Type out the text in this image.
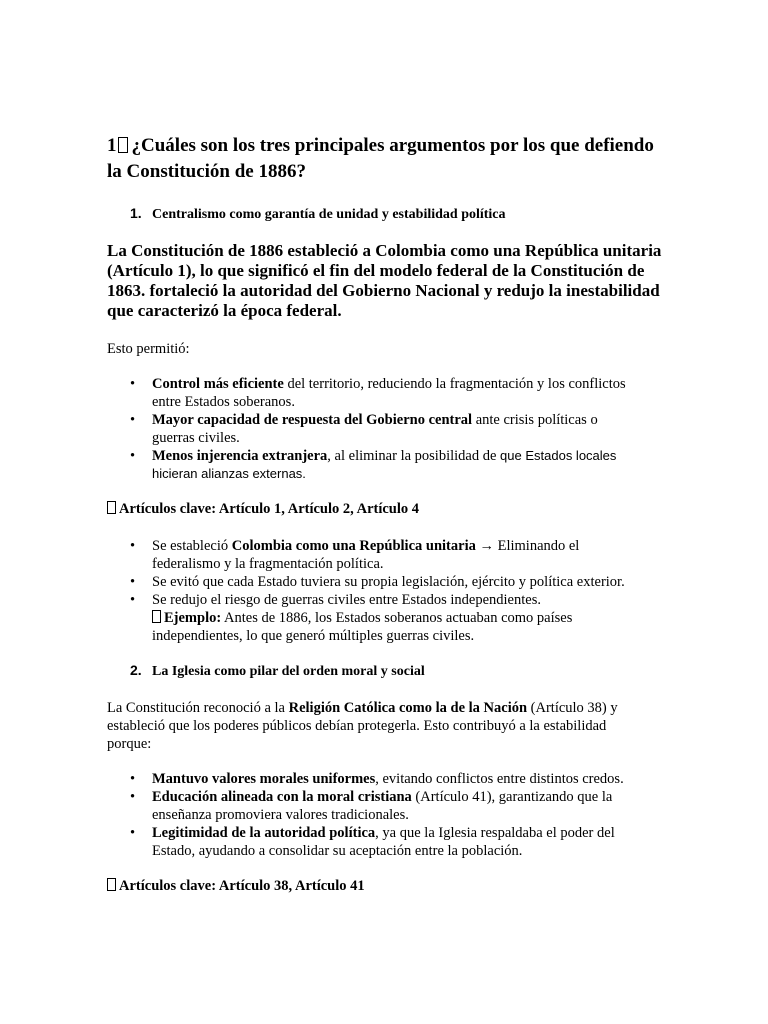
1 ¿Cuáles son los tres principales argumentos por los que defiendo la Constitución de 1886?
1. Centralismo como garantía de unidad y estabilidad política

La Constitución de 1886 estableció a Colombia como una República unitaria (Artículo 1), lo que significó el fin del modelo federal de la Constitución de 1863. fortaleció la autoridad del Gobierno Nacional y redujo la inestabilidad que caracterizó la época federal.

Esto permitió:

• Control más eficiente del territorio, reduciendo la fragmentación y los conflictos entre Estados soberanos.
• Mayor capacidad de respuesta del Gobierno central ante crisis políticas o guerras civiles.
• Menos injerencia extranjera, al eliminar la posibilidad de que Estados locales hicieran alianzas externas.

Artículos clave: Artículo 1, Artículo 2, Artículo 4

• Se estableció Colombia como una República unitaria → Eliminando el federalismo y la fragmentación política.
• Se evitó que cada Estado tuviera su propia legislación, ejército y política exterior.
• Se redujo el riesgo de guerras civiles entre Estados independientes.
Ejemplo: Antes de 1886, los Estados soberanos actuaban como países independientes, lo que generó múltiples guerras civiles.
2. La Iglesia como pilar del orden moral y social

La Constitución reconoció a la Religión Católica como la de la Nación (Artículo 38) y estableció que los poderes públicos debían protegerla. Esto contribuyó a la estabilidad porque:

• Mantuvo valores morales uniformes, evitando conflictos entre distintos credos.
• Educación alineada con la moral cristiana (Artículo 41), garantizando que la enseñanza promoviera valores tradicionales.
• Legitimidad de la autoridad política, ya que la Iglesia respaldaba el poder del Estado, ayudando a consolidar su aceptación entre la población.

Artículos clave: Artículo 38, Artículo 41
